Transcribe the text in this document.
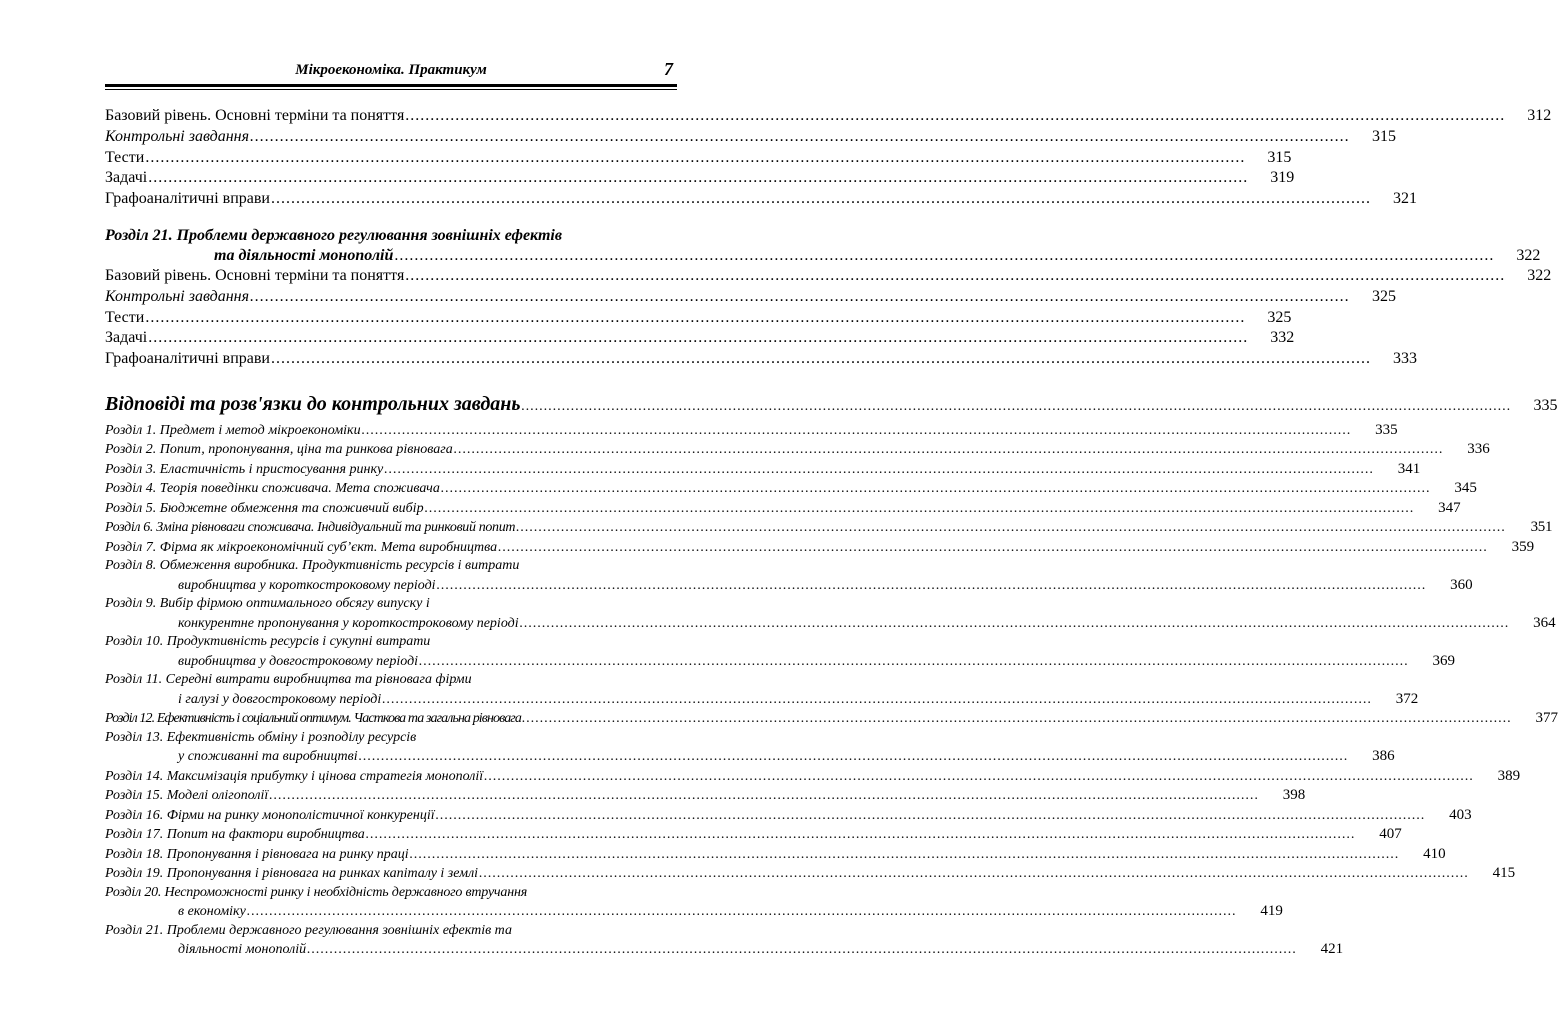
Мікроекономіка. Практикум	7
Базовий рівень. Основні терміни та поняття ............................................................................................................................................................................................................................	312
Контрольні завдання ............................................................................................................................................................................................................................	315
Тести ............................................................................................................................................................................................................................	315
Задачі ............................................................................................................................................................................................................................	319
Графоаналітичні вправи ............................................................................................................................................................................................................................	321
Розділ 21. Проблеми державного регулювання зовнішніх ефектів
та діяльності монополій ............................................................................................................................................................................................................................	322
Базовий рівень. Основні терміни та поняття ............................................................................................................................................................................................................................	322
Контрольні завдання ............................................................................................................................................................................................................................	325
Тести ............................................................................................................................................................................................................................	325
Задачі ............................................................................................................................................................................................................................	332
Графоаналітичні вправи ............................................................................................................................................................................................................................	333
Відповіді та розв'язки до контрольних завдань ............................................................................................................................................................................................................................	335
Розділ 1. Предмет і метод мікроекономіки ............................................................................................................................................................................................................................	335
Розділ 2. Попит, пропонування, ціна та ринкова рівновага ............................................................................................................................................................................................................................	336
Розділ 3. Еластичність і пристосування ринку ............................................................................................................................................................................................................................	341
Розділ 4. Теорія поведінки споживача. Мета споживача ............................................................................................................................................................................................................................	345
Розділ 5. Бюджетне обмеження та споживчий вибір ............................................................................................................................................................................................................................	347
Розділ 6. Зміна рівноваги споживача. Індивідуальний та ринковий попит ............................................................................................................................................................................................................................	351
Розділ 7. Фірма як мікроекономічний суб’єкт. Мета виробництва ............................................................................................................................................................................................................................	359
Розділ 8. Обмеження виробника. Продуктивність ресурсів і витрати
виробництва у короткостроковому періоді ............................................................................................................................................................................................................................	360
Розділ 9. Вибір фірмою оптимального обсягу випуску і
конкурентне пропонування у короткостроковому періоді ............................................................................................................................................................................................................................	364
Розділ 10. Продуктивність ресурсів і сукупні витрати
виробництва у довгостроковому періоді ............................................................................................................................................................................................................................	369
Розділ 11. Середні витрати виробництва та рівновага фірми
і галузі у довгостроковому періоді ............................................................................................................................................................................................................................	372
Розділ 12. Ефективність і соціальний оптимум. Часткова та загальна рівновага ............................................................................................................................................................................................................................	377
Розділ 13. Ефективність обміну і розподілу ресурсів
у споживанні та виробництві ............................................................................................................................................................................................................................	386
Розділ 14. Максимізація прибутку і цінова стратегія монополії ............................................................................................................................................................................................................................	389
Розділ 15. Моделі олігополії ............................................................................................................................................................................................................................	398
Розділ 16. Фірми на ринку монополістичної конкуренції ............................................................................................................................................................................................................................	403
Розділ 17. Попит на фактори виробництва ............................................................................................................................................................................................................................	407
Розділ 18. Пропонування і рівновага на ринку праці ............................................................................................................................................................................................................................	410
Розділ 19. Пропонування і рівновага на ринках капіталу і землі ............................................................................................................................................................................................................................	415
Розділ 20. Неспроможності ринку і необхідність державного втручання
в економіку ............................................................................................................................................................................................................................	419
Розділ 21. Проблеми державного регулювання зовнішніх ефектів та
діяльності монополій ............................................................................................................................................................................................................................	421
